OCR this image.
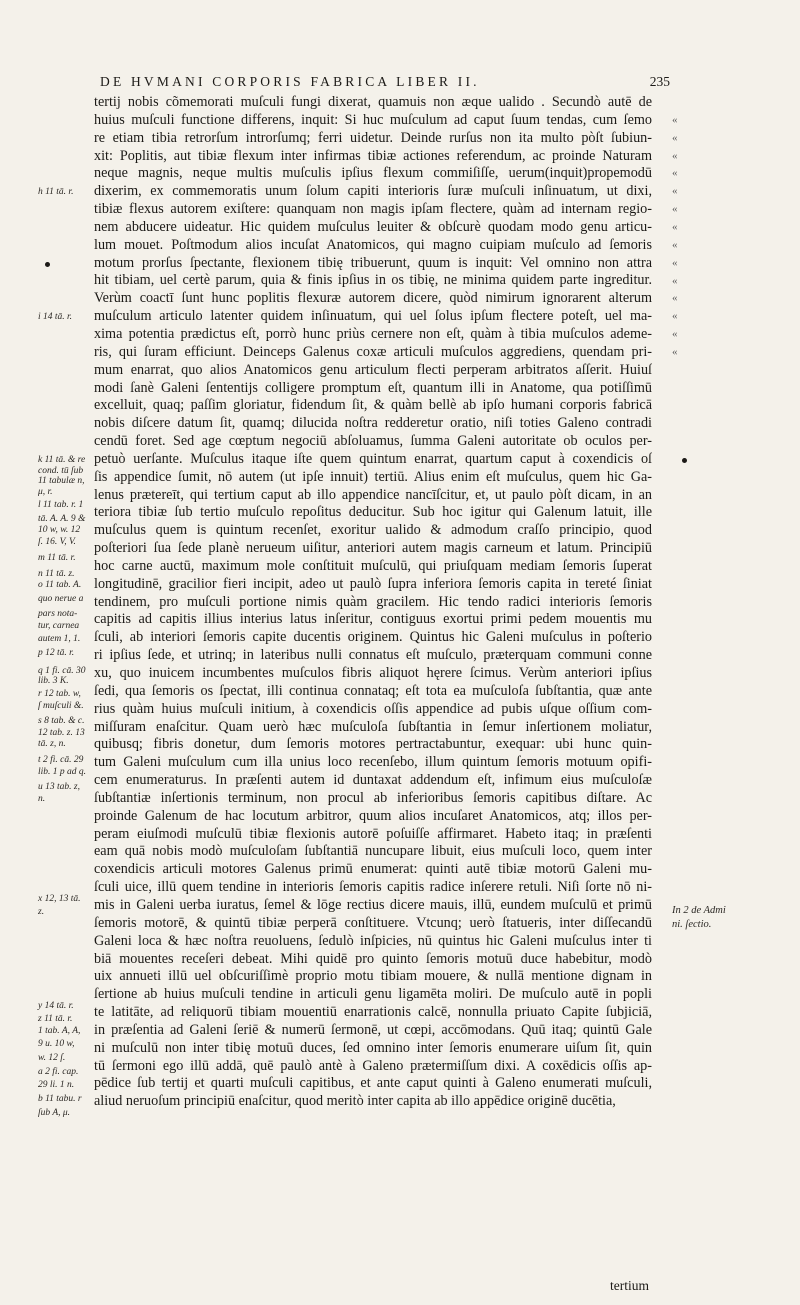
DE HVMANI CORPORIS FABRICA LIBER II.	235
tertij nobis cõmemorati muſculi fungi dixerat, quamuis non æque ualido . Secundò autē de
huius muſculi functione differens, inquit: Si huc muſculum ad caput ſuum tendas, cum ſemo
re etiam tibia retrorſum introrſumq; ferri uidetur. Deinde rurſus non ita multo pòſt ſubiun-
xit: Poplitis, aut tibiæ flexum inter infirmas tibiæ actiones referendum, ac proinde Naturam
neque magnis, neque multis muſculis ipſius flexum commiſiſſe, uerum(inquit)propemodū
dixerim, ex commemoratis unum ſolum capiti interioris ſuræ muſculi inſinuatum, ut dixi,
tibiæ flexus autorem exiſtere: quanquam non magis ipſam flectere, quàm ad internam regio-
nem abducere uideatur. Hic quidem muſculus leuiter & obſcurè quodam modo genu articu-
lum mouet. Poſtmodum alios incuſat Anatomicos, qui magno cuipiam muſculo ad ſemoris
motum prorſus ſpectante, flexionem tibię tribuerunt, quum is inquit: Vel omnino non attra
hit tibiam, uel certè parum, quia & finis ipſius in os tibię, ne minima quidem parte ingreditur.
Verùm coactī ſunt hunc poplitis flexuræ autorem dicere, quòd nimirum ignorarent alterum
muſculum articulo latenter quidem inſinuatum, qui uel ſolus ipſum flectere poteſt, uel ma-
xima potentia prædictus eſt, porrò hunc priùs cernere non eſt, quàm à tibia muſculos ademe-
ris, qui ſuram efficiunt. Deinceps Galenus coxæ articuli muſculos aggrediens, quendam pri-
mum enarrat, quo alios Anatomicos genu articulum flecti perperam arbitratos aſſerit. Huiuſ
modi ſanè Galeni ſententijs colligere promptum eſt, quantum illi in Anatome, qua potiſſimū
excelluit, quaq; paſſim gloriatur, fidendum ſit, & quàm bellè ab ipſo humani corporis fabricā
nobis diſcere datum ſit, quamq; dilucida noſtra redderetur oratio, niſi toties Galeno contradi
cendū foret. Sed age cœptum negociū abſoluamus, ſumma Galeni autoritate ob oculos per-
petuò uerſante. Muſculus itaque iſte quem quintum enarrat, quartum caput à coxendicis oſ
ſis appendice ſumit, nō autem (ut ipſe innuit) tertiū. Alius enim eſt muſculus, quem hic Ga-
lenus prætereīt, qui tertium caput ab illo appendice nancīſcitur, et, ut paulo pòſt dicam, in an
teriora tibiæ ſub tertio muſculo repoſitus deducitur. Sub hoc igitur qui Galenum latuit, ille
muſculus quem is quintum recenſet, exoritur ualido & admodum craſſo principio, quod
poſteriori ſua ſede planè nerueum uiſitur, anteriori autem magis carneum et latum. Principiū
hoc carne auctū, maximum mole conſtituit muſculū, qui priuſquam mediam ſemoris ſuperat
longitudinē, gracilior fieri incipit, adeo ut paulò ſupra inferiora ſemoris capita in tereté ſiniat
tendinem, pro muſculi portione nimis quàm gracilem. Hic tendo radici interioris ſemoris
capitis ad capitis illius interius latus inſeritur, contiguus exortui primi pedem mouentis mu
ſculi, ab interiori ſemoris capite ducentis originem. Quintus hic Galeni muſculus in poſterio
ri ipſius ſede, et utrinq; in lateribus nulli connatus eſt muſculo, præterquam communi conne
xu, quo inuicem incumbentes muſculos fibris aliquot hęrere ſcimus. Verùm anteriori ipſius
ſedi, qua ſemoris os ſpectat, illi continua connataq; eſt tota ea muſculoſa ſubſtantia, quæ ante
rius quàm huius muſculi initium, à coxendicis oſſis appendice ad pubis uſque oſſium com-
miſſuram enaſcitur. Quam uerò hæc muſculoſa ſubſtantia in ſemur inſertionem moliatur,
quibusq; fibris donetur, dum ſemoris motores pertractabuntur, exequar: ubi hunc quin-
tum Galeni muſculum cum illa unius loco recenſebo, illum quintum ſemoris motuum opifi-
cem enumeraturus. In præſenti autem id duntaxat addendum eſt, infimum eius muſculoſæ
ſubſtantiæ inſertionis terminum, non procul ab inferioribus ſemoris capitibus diſtare. Ac
proinde Galenum de hac locutum arbitror, quum alios incuſaret Anatomicos, atq; illos per-
peram eiuſmodi muſculū tibiæ flexionis autorē poſuiſſe affirmaret. Habeto itaq; in præſenti
eam quā nobis modò muſculoſam ſubſtantiā nuncupare libuit, eius muſculi loco, quem inter
coxendicis articuli motores Galenus primū enumerat: quinti autē tibiæ motorū Galeni mu-
ſculi uice, illū quem tendine in interioris ſemoris capitis radice inſerere retuli. Niſi ſorte nō ni-
mis in Galeni uerba iuratus, ſemel & lōge rectius dicere mauis, illū, eundem muſculū et primū
ſemoris motorē, & quintū tibiæ perperā conſtituere. Vtcunq; uerò ſtatueris, inter diſſecandū
Galeni loca & hæc noſtra reuoluens, ſedulò inſpicies, nū quintus hic Galeni muſculus inter ti
biā mouentes receſeri debeat. Mihi quidē pro quinto ſemoris motuū duce habebitur, modò
uix annueti illū uel obſcuriſſimè proprio motu tibiam mouere, & nullā mentione dignam in
ſertione ab huius muſculi tendine in articuli genu ligamēta moliri. De muſculo autē in popli
te latitāte, ad reliquorū tibiam mouentiū enarrationis calcē, nonnulla priuato Capite ſubjiciā,
in præſentia ad Galeni ſeriē & numerū ſermonē, ut cœpi, accōmodans. Quū itaq; quintū Gale
ni muſculū non inter tibię motuū duces, ſed omnino inter ſemoris enumerare uiſum ſit, quin
tū ſermoni ego illū addā, quē paulò antè à Galeno prætermiſſum dixi. A coxēdicis oſſis ap-
pēdice ſub tertij et quarti muſculi capitibus, et ante caput quinti à Galeno enumerati muſculi,
aliud neruoſum principiū enaſcitur, quod meritò inter capita ab illo appēdice originē ducētia,
h 11 tā. r.
i 14 tā. r.
k 11 tā. & re
cond. tū ſub
11 tabulæ n,
μ, r.
l 11 tab. r. 1
tā. A. A. 9 &
10 w, w. 12
ſ. 16. V, V.
m 11 tā. r.
n 11 tā. z.
o 11 tab. A.
quo nerue a
pars nota-
tur, carnea
autem 1, 1.
p 12 tā. r.
q 1 fi. cā. 30
lib. 3 K.
r 12 tab. w,
ſ muſculi &.
s 8 tab. & c.
12 tab. z. 13
tā. z, n.
t 2 fi. cā. 29
lib. 1 p ad q.
u 13 tab. z,
n.
x 12, 13 tā.
z.
y 14 tā. r.
z 11 tā. r.
1 tab. A, A,
9 u. 10 w,
w. 12 ſ.
a 2 fi. cap.
29 li. 1 n.
b 11 tabu. r
ſub A, μ.
In 2 de Admi
ni. ſectio.
«
«
«
«
«
«
«
«
«
«
«
«
«
«
tertium
